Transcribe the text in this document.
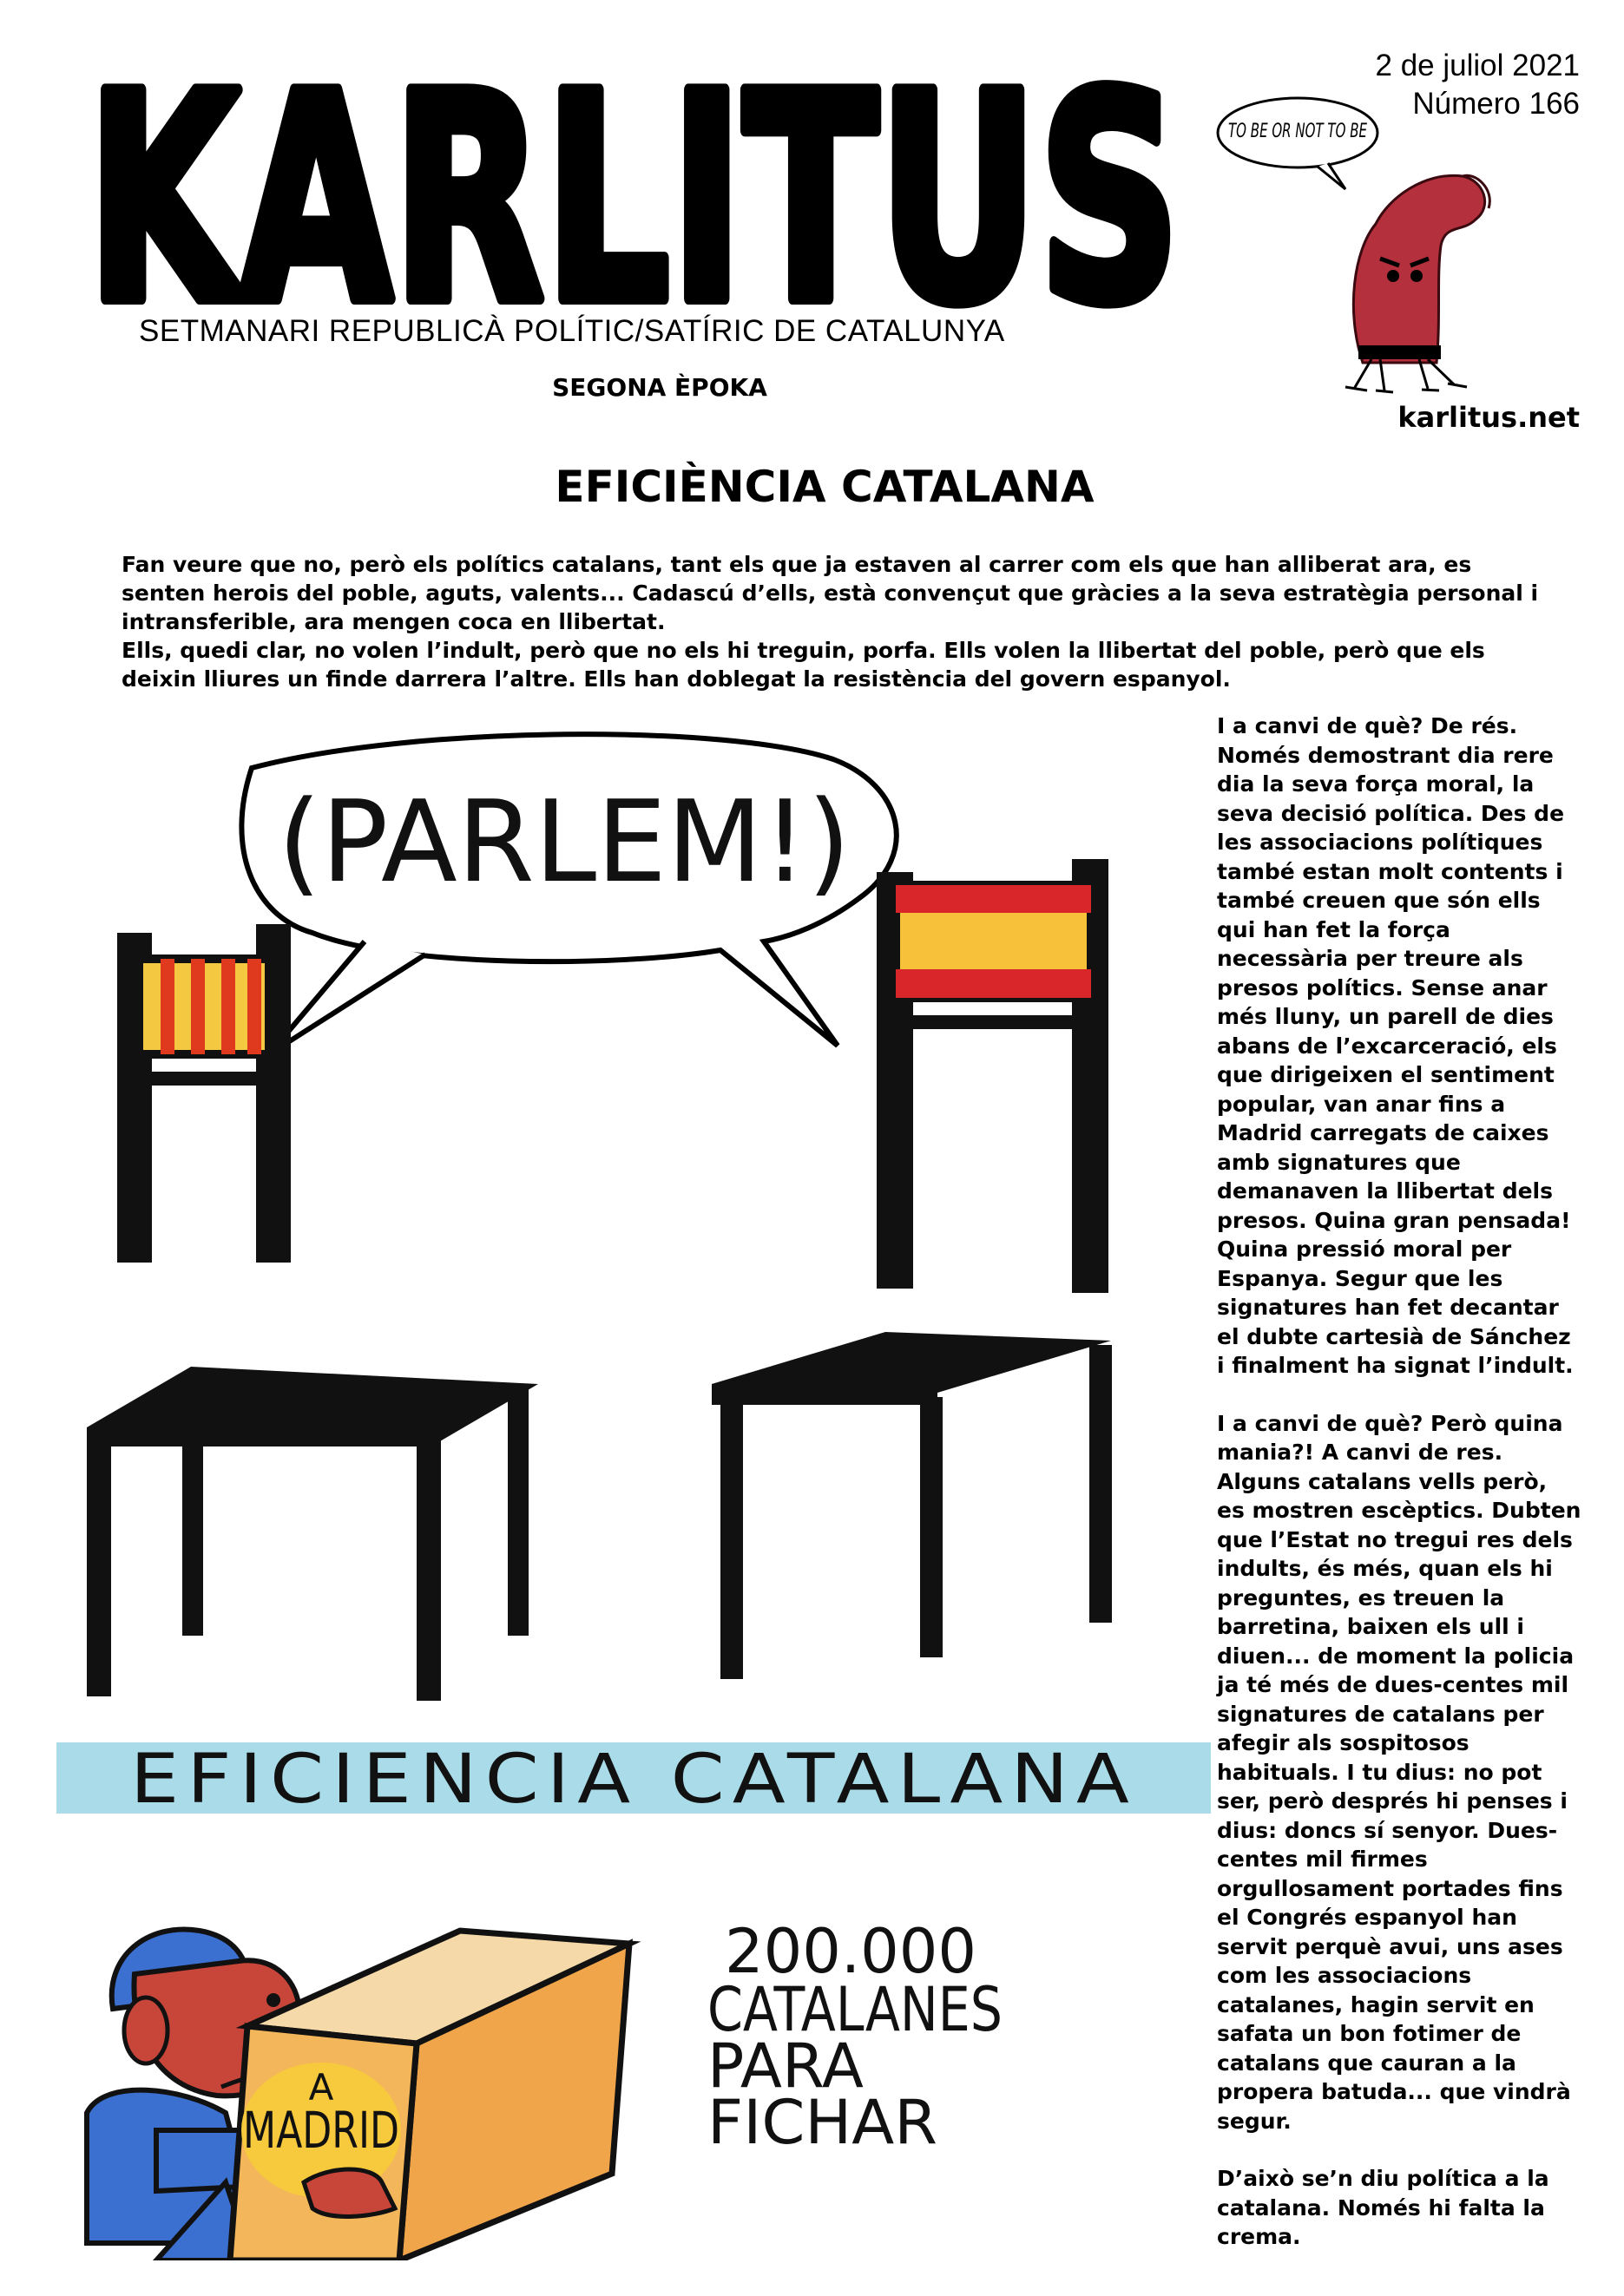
KARLITUS
SETMANARI REPUBLICÀ POLÍTIC/SATÍRIC DE CATALUNYA
SEGONA ÈPOKA
2 de juliol 2021
Número 166
karlitus.net
TO BE OR NOT TO BE
EFICIÈNCIA CATALANA

Fan veure que no, però els polítics catalans, tant els que ja estaven al carrer com els que han alliberat ara, es senten herois del poble, aguts, valents... Cadascú d’ells, està convençut que gràcies a la seva estratègia personal i intransferible, ara mengen coca en llibertat.

Ells, quedi clar, no volen l’indult, però que no els hi treguin, porfa. Ells volen la llibertat del poble, però que els deixin lliures un finde darrera l’altre. Ells han doblegat la resistència del govern espanyol.

(PARLEM!)
EFICIENCIA CATALANA
A
MADRID
200.000
CATALANES
PARA
FICHAR

I a canvi de què? De rés. Només demostrant dia rere dia la seva força moral, la seva decisió política. Des de les associacions polítiques també estan molt contents i també creuen que són ells qui han fet la força necessària per treure als presos polítics. Sense anar més lluny, un parell de dies abans de l’excarceració, els que dirigeixen el sentiment popular, van anar fins a Madrid carregats de caixes amb signatures que demanaven la llibertat dels presos. Quina gran pensada! Quina pressió moral per Espanya. Segur que les signatures han fet decantar el dubte cartesià de Sánchez i finalment ha signat l’indult.

I a canvi de què? Però quina mania?! A canvi de res. Alguns catalans vells però, es mostren escèptics. Dubten que l’Estat no tregui res dels indults, és més, quan els hi preguntes, es treuen la barretina, baixen els ull i diuen... de moment la policia ja té més de dues-centes mil signatures de catalans per afegir als sospitosos habituals. I tu dius: no pot ser, però després hi penses i dius: doncs sí senyor. Dues-centes mil firmes orgullosament portades fins el Congrés espanyol han servit perquè avui, uns ases com les associacions catalanes, hagin servit en safata un bon fotimer de catalans que cauran a la propera batuda... que vindrà segur.

D’això se’n diu política a la catalana. Només hi falta la crema.
